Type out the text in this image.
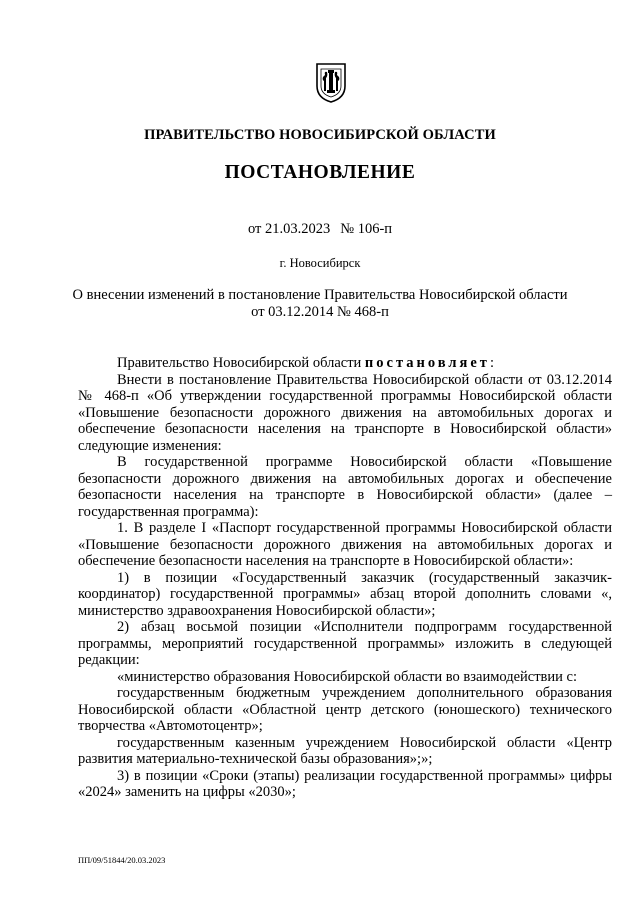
ПРАВИТЕЛЬСТВО НОВОСИБИРСКОЙ ОБЛАСТИ
ПОСТАНОВЛЕНИЕ
от 21.03.2023 № 106-п
г. Новосибирск
О внесении изменений в постановление Правительства Новосибирской области
от 03.12.2014 № 468-п

Правительство Новосибирской области постановляет:

Внести в постановление Правительства Новосибирской области от 03.12.2014 № 468-п «Об утверждении государственной программы Новосибирской области «Повышение безопасности дорожного движения на автомобильных дорогах и обеспечение безопасности населения на транспорте в Новосибирской области» следующие изменения:

В государственной программе Новосибирской области «Повышение безопасности дорожного движения на автомобильных дорогах и обеспечение безопасности населения на транспорте в Новосибирской области» (далее – государственная программа):

1. В разделе I «Паспорт государственной программы Новосибирской области «Повышение безопасности дорожного движения на автомобильных дорогах и обеспечение безопасности населения на транспорте в Новосибирской области»:

1) в позиции «Государственный заказчик (государственный заказчик-координатор) государственной программы» абзац второй дополнить словами «, министерство здравоохранения Новосибирской области»;

2) абзац восьмой позиции «Исполнители подпрограмм государственной программы, мероприятий государственной программы» изложить в следующей редакции:

«министерство образования Новосибирской области во взаимодействии с:

государственным бюджетным учреждением дополнительного образования Новосибирской области «Областной центр детского (юношеского) технического творчества «Автомотоцентр»;

государственным казенным учреждением Новосибирской области «Центр развития материально-технической базы образования»;»;

3) в позиции «Сроки (этапы) реализации государственной программы» цифры «2024» заменить на цифры «2030»;

ПП/09/51844/20.03.2023
